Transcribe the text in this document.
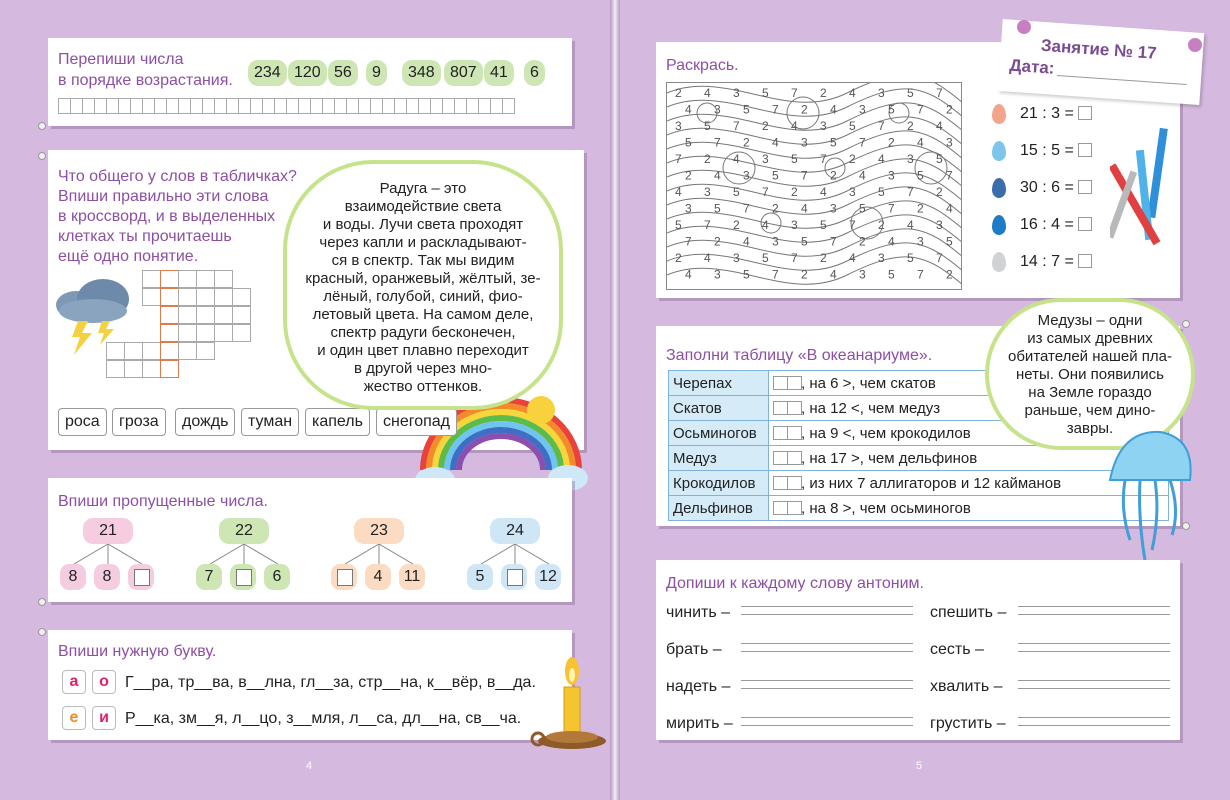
Перепиши числа
в порядке возрастания.	234 120 56	9	348 807 41	6
Что общего у слов в табличках?
Впиши правильно эти слова
в кроссворд, и в выделенных
клетках ты прочитаешь
ещё одно понятие.
роса	гроза	дождь	туман	капель	снегопад
Радуга – это
взаимодействие света
и воды. Лучи света проходят
через капли и раскладывают-
ся в спектр. Так мы видим
красный, оранжевый, жёлтый, зе-
лёный, голубой, синий, фио-
летовый цвета. На самом деле,
спектр радуги бесконечен,
и один цвет плавно переходит
в другой через мно-
жество оттенков.
Впиши пропущенные числа.
21
8	8
22
7	6
23
4	11
24
5	12
Впиши нужную букву.
а	о	Г__ра, тр__ва, в__лна, гл__за, стр__на, к__вёр, в__да.
е	и	Р__ка, зм__я, л__цо, з__мля, л__са, дл__на, св__ча.
4
Раскрась.
2 4 3 5 7 2 4 3 5 7
4 3 5 7 2 4 3 5 7 2
3 5 7 2 4 3 5 7 2 4
5 7 2 4 3 5 7 2 4 3
7 2 4 3 5 7 2 4 3 5
2 4 3 5 7 2 4 3 5 7
4 3 5 7 2 4 3 5 7 2
3 5 7 2 4 3 5 7 2 4
5 7 2 4 3 5 7 2 4 3
7 2 4 3 5 7 2 4 3 5
2 4 3 5 7 2 4 3 5 7
4 3 5 7 2 4 3 5 7 2
Занятие № 17
Дата:
21 : 3 =
15 : 5 =
30 : 6 =
16 : 4 =
14 : 7 =
Заполни таблицу «В океанариуме».
Черепах	, на 6 >, чем скатов
Скатов	, на 12 <, чем медуз
Осьминогов	, на 9 <, чем крокодилов
Медуз	, на 17 >, чем дельфинов
Крокодилов	, из них 7 аллигаторов и 12 кайманов
Дельфинов	, на 8 >, чем осьминогов
Медузы – одни
из самых древних
обитателей нашей пла-
неты. Они появились
на Земле гораздо
раньше, чем дино-
завры.
Допиши к каждому слову антоним.
чинить –	спешить –
брать –	сесть –
надеть –	хвалить –
мирить –	грустить –
5
